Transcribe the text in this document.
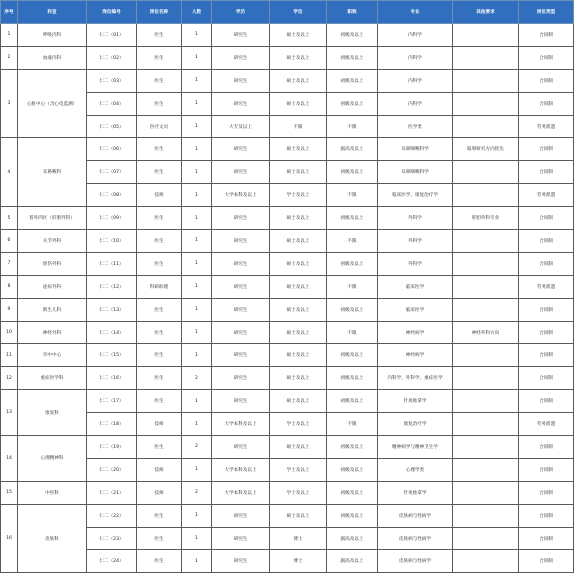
序号	科室	岗位编号	岗位名称	人数	学历	学位	职称	专业	其他要求	岗位类型
1	呼吸内科	仁二（01）	医生	1	研究生	硕士及以上	初级及以上	内科学		合同制
2	血液内科	仁二（02）	医生	1	研究生	硕士及以上	初级及以上	内科学		合同制
3	心脏中心（含心电监测）	仁二（03）	医生	1	研究生	硕士及以上	初级及以上	内科学		合同制
		仁二（04）	医生	1	研究生	硕士及以上	初级及以上	内科学		合同制
		仁二（05）	医疗文员	1	大专及以上	不限	不限	医学类		劳务派遣
4	耳鼻喉科	仁二（06）	医生	1	研究生	硕士及以上	副高及以上	耳鼻咽喉科学	眩晕研究方向优先	合同制
		仁二（07）	医生	1	研究生	硕士及以上	初级及以上	耳鼻咽喉科学		合同制
		仁二（08）	技师	1	大学本科及以上	学士及以上	不限	临床医学、康复治疗学		劳务派遣
5	普外四区（肝胆外科）	仁二（09）	医生	1	研究生	硕士及以上	初级及以上	外科学	肝胆外科专业	合同制
6	关节外科	仁二（10）	医生	1	研究生	硕士及以上	不限	外科学		合同制
7	创伤外科	仁二（11）	医生	1	研究生	硕士及以上	初级及以上	外科学		合同制
8	泌尿外科	仁二（12）	科研助理	1	研究生	硕士及以上	不限	临床医学		劳务派遣
9	新生儿科	仁二（13）	医生	1	研究生	硕士及以上	初级及以上	临床医学		合同制
10	神经外科	仁二（14）	医生	1	研究生	硕士及以上	不限	神经病学	神经外科方向	合同制
11	卒中中心	仁二（15）	医生	1	研究生	硕士及以上	初级及以上	神经病学		合同制
12	重症医学科	仁二（16）	医生	2	研究生	硕士及以上	初级及以上	内科学、外科学、重症医学		合同制
13	康复科	仁二（17）	医生	1	研究生	硕士及以上	初级及以上	针灸推拿学		合同制
		仁二（18）	技师	1	大学本科及以上	学士及以上	不限	康复治疗学		劳务派遣
14	心理精神科	仁二（19）	医生	2	研究生	硕士及以上	初级及以上	精神病学与精神卫生学		合同制
		仁二（20）	技师	1	大学本科及以上	学士及以上	初级及以上	心理学类		合同制
15	中医科	仁二（21）	技师	2	大学本科及以上	学士及以上	初级及以上	针灸推拿学		合同制
16	皮肤科	仁二（22）	医生	1	研究生	硕士及以上	初级及以上	皮肤病与性病学		合同制
		仁二（23）	医生	1	研究生	博士	副高及以上	皮肤病与性病学		合同制
		仁二（24）	医生	1	研究生	博士	副高及以上	皮肤病与性病学		合同制
